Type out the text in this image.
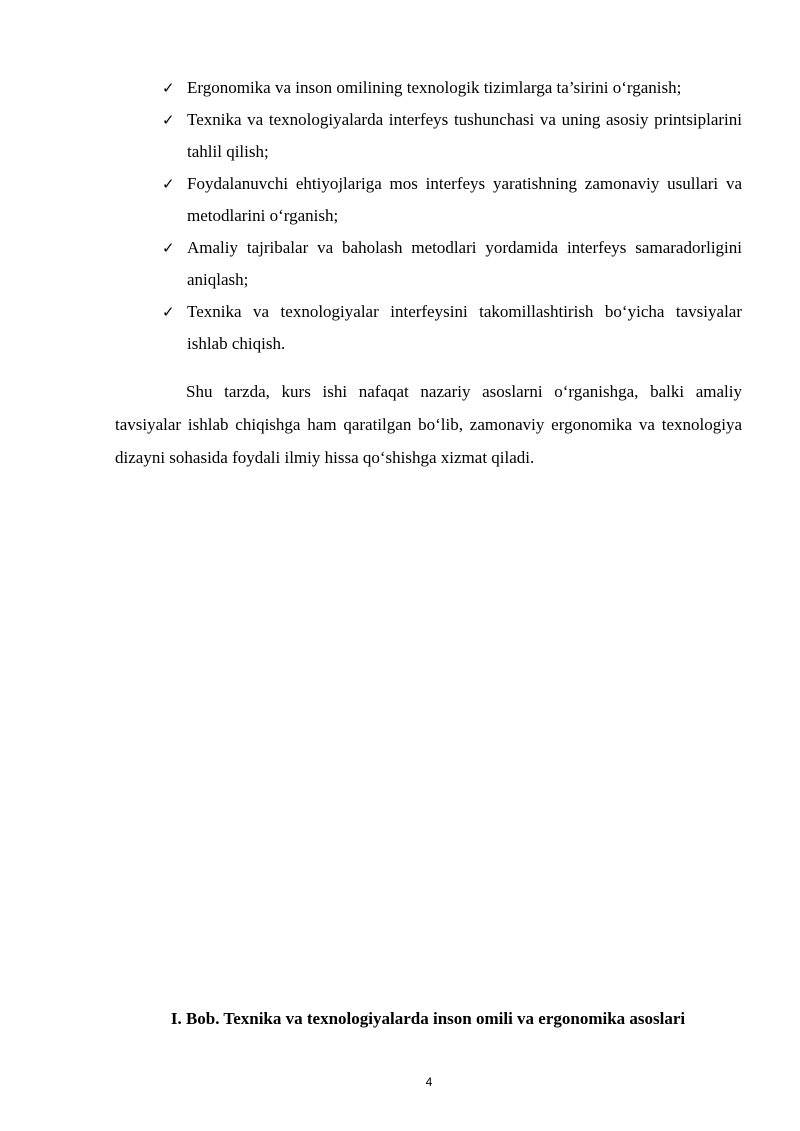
✓ Ergonomika va inson omilining texnologik tizimlarga ta’sirini o‘rganish;
✓ Texnika va texnologiyalarda interfeys tushunchasi va uning asosiy printsiplarini tahlil qilish;
✓ Foydalanuvchi ehtiyojlariga mos interfeys yaratishning zamonaviy usullari va metodlarini o‘rganish;
✓ Amaliy tajribalar va baholash metodlari yordamida interfeys samaradorligini aniqlash;
✓ Texnika va texnologiyalar interfeysini takomillashtirish bo‘yicha tavsiyalar ishlab chiqish.

Shu tarzda, kurs ishi nafaqat nazariy asoslarni o‘rganishga, balki amaliy tavsiyalar ishlab chiqishga ham qaratilgan bo‘lib, zamonaviy ergonomika va texnologiya dizayni sohasida foydali ilmiy hissa qo‘shishga xizmat qiladi.

I. Bob. Texnika va texnologiyalarda inson omili va ergonomika asoslari
4
